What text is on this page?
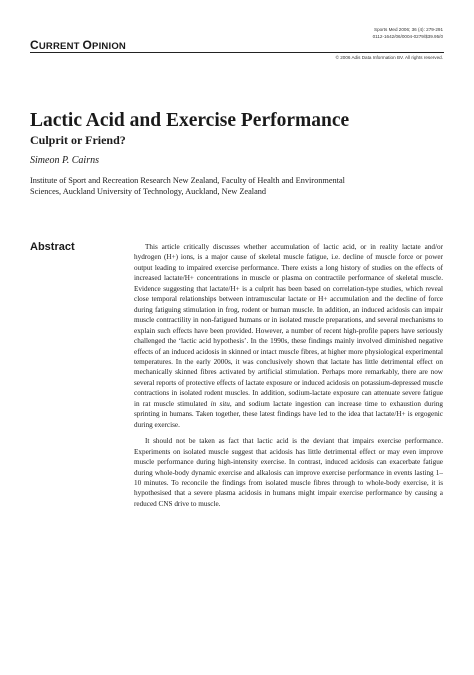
CURRENT OPINION
Sports Med 2006; 36 (4): 279-291
0112-1642/06/0004-0279/$39.95/0
© 2006 Adis Data Information BV. All rights reserved.
Lactic Acid and Exercise Performance
Culprit or Friend?
Simeon P. Cairns
Institute of Sport and Recreation Research New Zealand, Faculty of Health and Environmental
Sciences, Auckland University of Technology, Auckland, New Zealand
Abstract	This article critically discusses whether accumulation of lactic acid, or in reality lactate and/or hydrogen (H+) ions, is a major cause of skeletal muscle fatigue, i.e. decline of muscle force or power output leading to impaired exercise performance. There exists a long history of studies on the effects of increased lactate/H+ concentrations in muscle or plasma on contractile performance of skeletal muscle. Evidence suggesting that lactate/H+ is a culprit has been based on correlation-type studies, which reveal close temporal relationships between intramuscular lactate or H+ accumulation and the decline of force during fatiguing stimulation in frog, rodent or human muscle. In addition, an induced acidosis can impair muscle contractility in non-fatigued humans or in isolated muscle preparations, and several mechanisms to explain such effects have been provided. However, a number of recent high-profile papers have seriously challenged the ‘lactic acid hypothesis’. In the 1990s, these findings mainly involved diminished negative effects of an induced acidosis in skinned or intact muscle fibres, at higher more physiological experimental temperatures. In the early 2000s, it was conclusively shown that lactate has little detrimental effect on mechanically skinned fibres activated by artificial stimulation. Perhaps more remarkably, there are now several reports of protective effects of lactate exposure or induced acidosis on potassium-depressed muscle contractions in isolated rodent muscles. In addition, sodium-lactate exposure can attenuate severe fatigue in rat muscle stimulated in situ, and sodium lactate ingestion can increase time to exhaustion during sprinting in humans. Taken together, these latest findings have led to the idea that lactate/H+ is ergogenic during exercise.

It should not be taken as fact that lactic acid is the deviant that impairs exercise performance. Experiments on isolated muscle suggest that acidosis has little detrimental effect or may even improve muscle performance during high-intensity exercise. In contrast, induced acidosis can exacerbate fatigue during whole-body dynamic exercise and alkalosis can improve exercise performance in events lasting 1–10 minutes. To reconcile the findings from isolated muscle fibres through to whole-body exercise, it is hypothesised that a severe plasma acidosis in humans might impair exercise performance by causing a reduced CNS drive to muscle.
